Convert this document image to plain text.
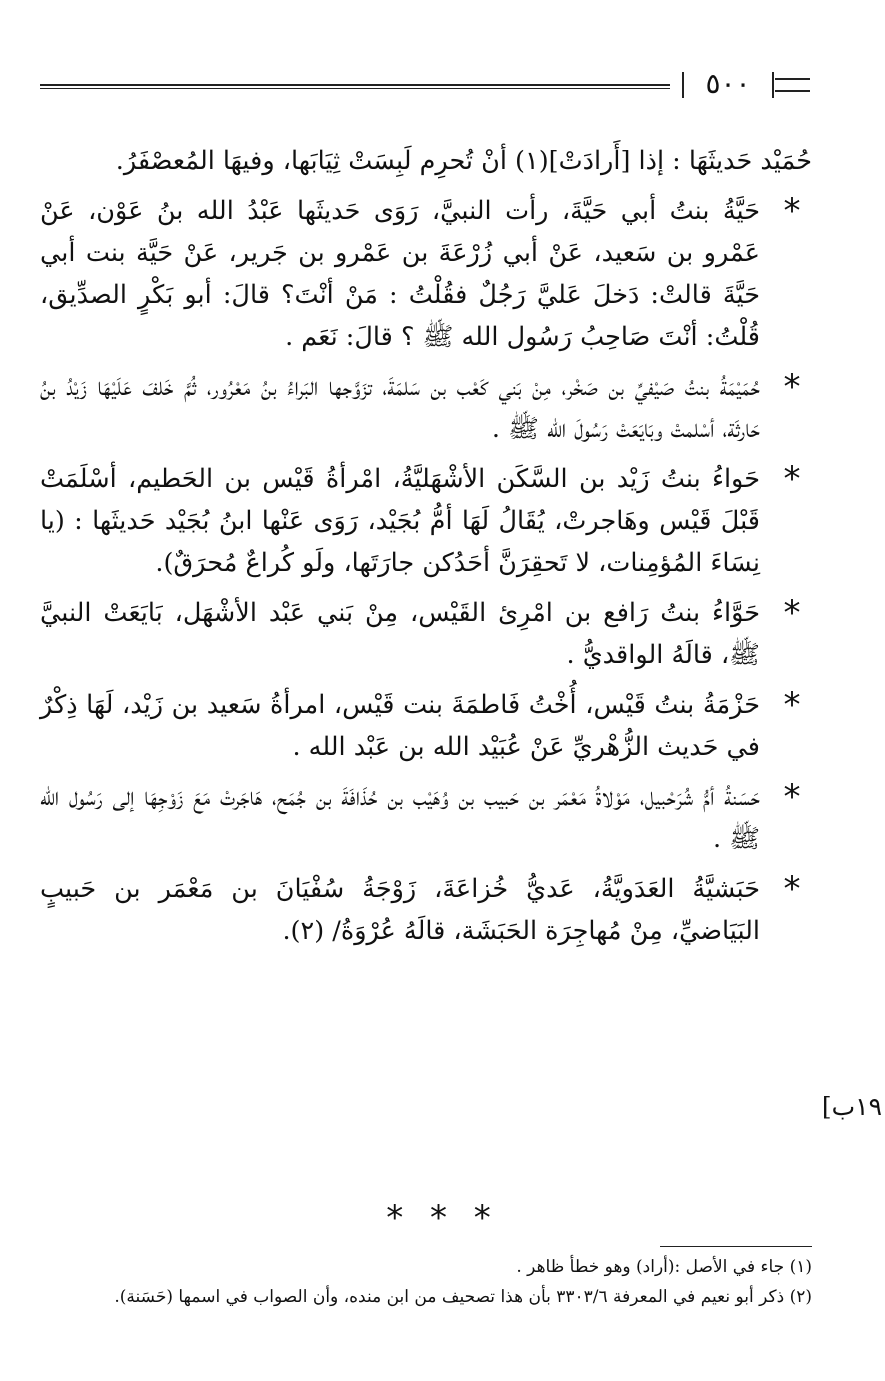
٥٠٠

حُمَيْد حَديثَهَا : إذا [أَرادَتْ](١) أنْ تُحرِم لَبِسَتْ ثِيَابَها، وفيهَا المُعصْفَرُ.

*
حَيَّةُ بنتُ أبي حَيَّةَ، رأت النبيَّ، رَوَى حَديثَها عَبْدُ الله بنُ عَوْن، عَنْ عَمْرو بن سَعيد، عَنْ أبي زُرْعَةَ بن عَمْرو بن جَرير، عَنْ حَيَّة بنت أبي حَيَّةَ قالتْ: دَخلَ عَليَّ رَجُلٌ فقُلْتُ : مَنْ أنْتَ؟ قالَ: أبو بَكْرٍ الصدِّيق، قُلْتُ: أنْتَ صَاحِبُ رَسُول الله ﷺ ؟ قالَ: نَعَم .
*
حُمَيْمَةُ بنتُ صَيْفيِّ بن صَخْر، مِنْ بَني كَعْب بن سَلمَةَ، تزَوَّجها البَراءُ بنُ مَعْرُور، ثُمَّ خَلفَ عَلَيْهَا زَيْدُ بنُ حَارثَة، أسْلمتْ وبَايَعَتْ رَسُولَ الله ﷺ .
*
حَواءُ بنتُ زَيْد بن السَّكَن الأشْهَليَّةُ، امْرأةُ قَيْس بن الحَطيم، أسْلَمَتْ قَبْلَ قَيْس وهَاجرتْ، يُقَالُ لَهَا أمُّ بُجَيْد، رَوَى عَنْها ابنُ بُجَيْد حَديثَها : (يا نِسَاءَ المُؤمِنات، لا تَحقِرَنَّ أحَدُكن جارَتَها، ولَو كُراعٌ مُحرَقٌ).
*
حَوَّاءُ بنتُ رَافع بن امْرِئ القَيْس، مِنْ بَني عَبْد الأشْهَل، بَايَعَتْ النبيَّ ﷺ، قالَهُ الواقديُّ .
*
حَزْمَةُ بنتُ قَيْس، أُخْتُ فَاطمَةَ بنت قَيْس، امرأةُ سَعيد بن زَيْد، لَهَا ذِكْرٌ في حَديث الزُّهْريِّ عَنْ عُبَيْد الله بن عَبْد الله .
*
حَسَنةُ أمُّ شُرَحْبيل، مَوْلاةُ مَعْمَر بن حَبيب بن وُهَيْب بن حُذَافَةَ بن جُمَح، هَاجَرتْ مَعَ زَوْجِهَا إلى رَسُول الله ﷺ .
*
حَبَشيَّةُ العَدَويَّةُ، عَديُّ خُزاعَةَ، زَوْجَةُ سُفْيَانَ بن مَعْمَر بن حَبيبٍ البَيَاضيِّ، مِنْ مُهاجِرَة الحَبَشَة، قالَهُ عُرْوَةُ/ (٢).
١٩ب]
* * *
(١) جاء في الأصل :(أراد) وهو خطأ ظاهر .
(٢) ذكر أبو نعيم في المعرفة ٣٣٠٣/٦ بأن هذا تصحيف من ابن منده، وأن الصواب في اسمها (حَسَنة).
